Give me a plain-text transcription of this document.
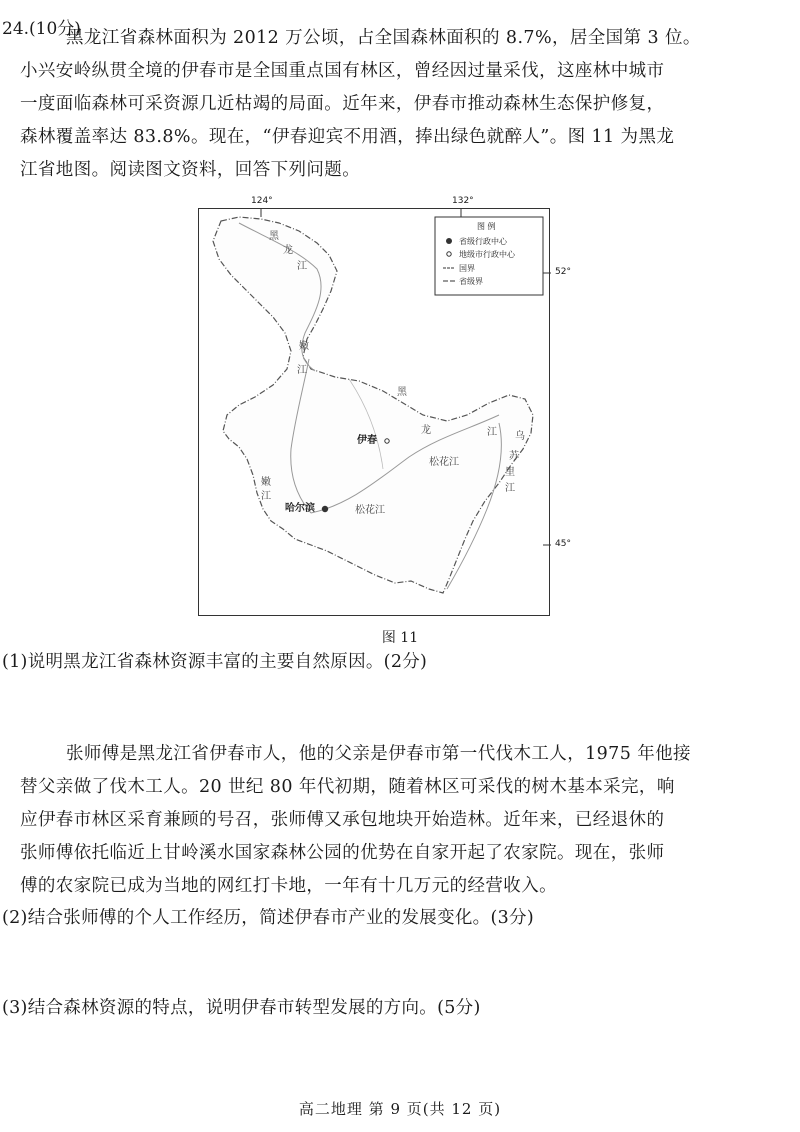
24.(10分)
黑龙江省森林面积为 2012 万公顷，占全国森林面积的 8.7%，居全国第 3 位。
小兴安岭纵贯全境的伊春市是全国重点国有林区，曾经因过量采伐，这座林中城市
一度面临森林可采资源几近枯竭的局面。近年来，伊春市推动森林生态保护修复，
森林覆盖率达 83.8%。现在，“伊春迎宾不用酒，捧出绿色就醉人”。图 11 为黑龙
江省地图。阅读图文资料，回答下列问题。
图 例
省级行政中心
地级市行政中心
国界
省级界
伊春
哈尔滨
黑
龙
江
嫩
江
嫩
江
松花江
松花江
黑
龙	江 乌
苏
里
江
124°	132°
52°
45°
图 11
(1)说明黑龙江省森林资源丰富的主要自然原因。(2分)
张师傅是黑龙江省伊春市人，他的父亲是伊春市第一代伐木工人，1975 年他接
替父亲做了伐木工人。20 世纪 80 年代初期，随着林区可采伐的树木基本采完，响
应伊春市林区采育兼顾的号召，张师傅又承包地块开始造林。近年来，已经退休的
张师傅依托临近上甘岭溪水国家森林公园的优势在自家开起了农家院。现在，张师
傅的农家院已成为当地的网红打卡地，一年有十几万元的经营收入。
(2)结合张师傅的个人工作经历，简述伊春市产业的发展变化。(3分)
(3)结合森林资源的特点，说明伊春市转型发展的方向。(5分)
高二地理 第 9 页(共 12 页)
